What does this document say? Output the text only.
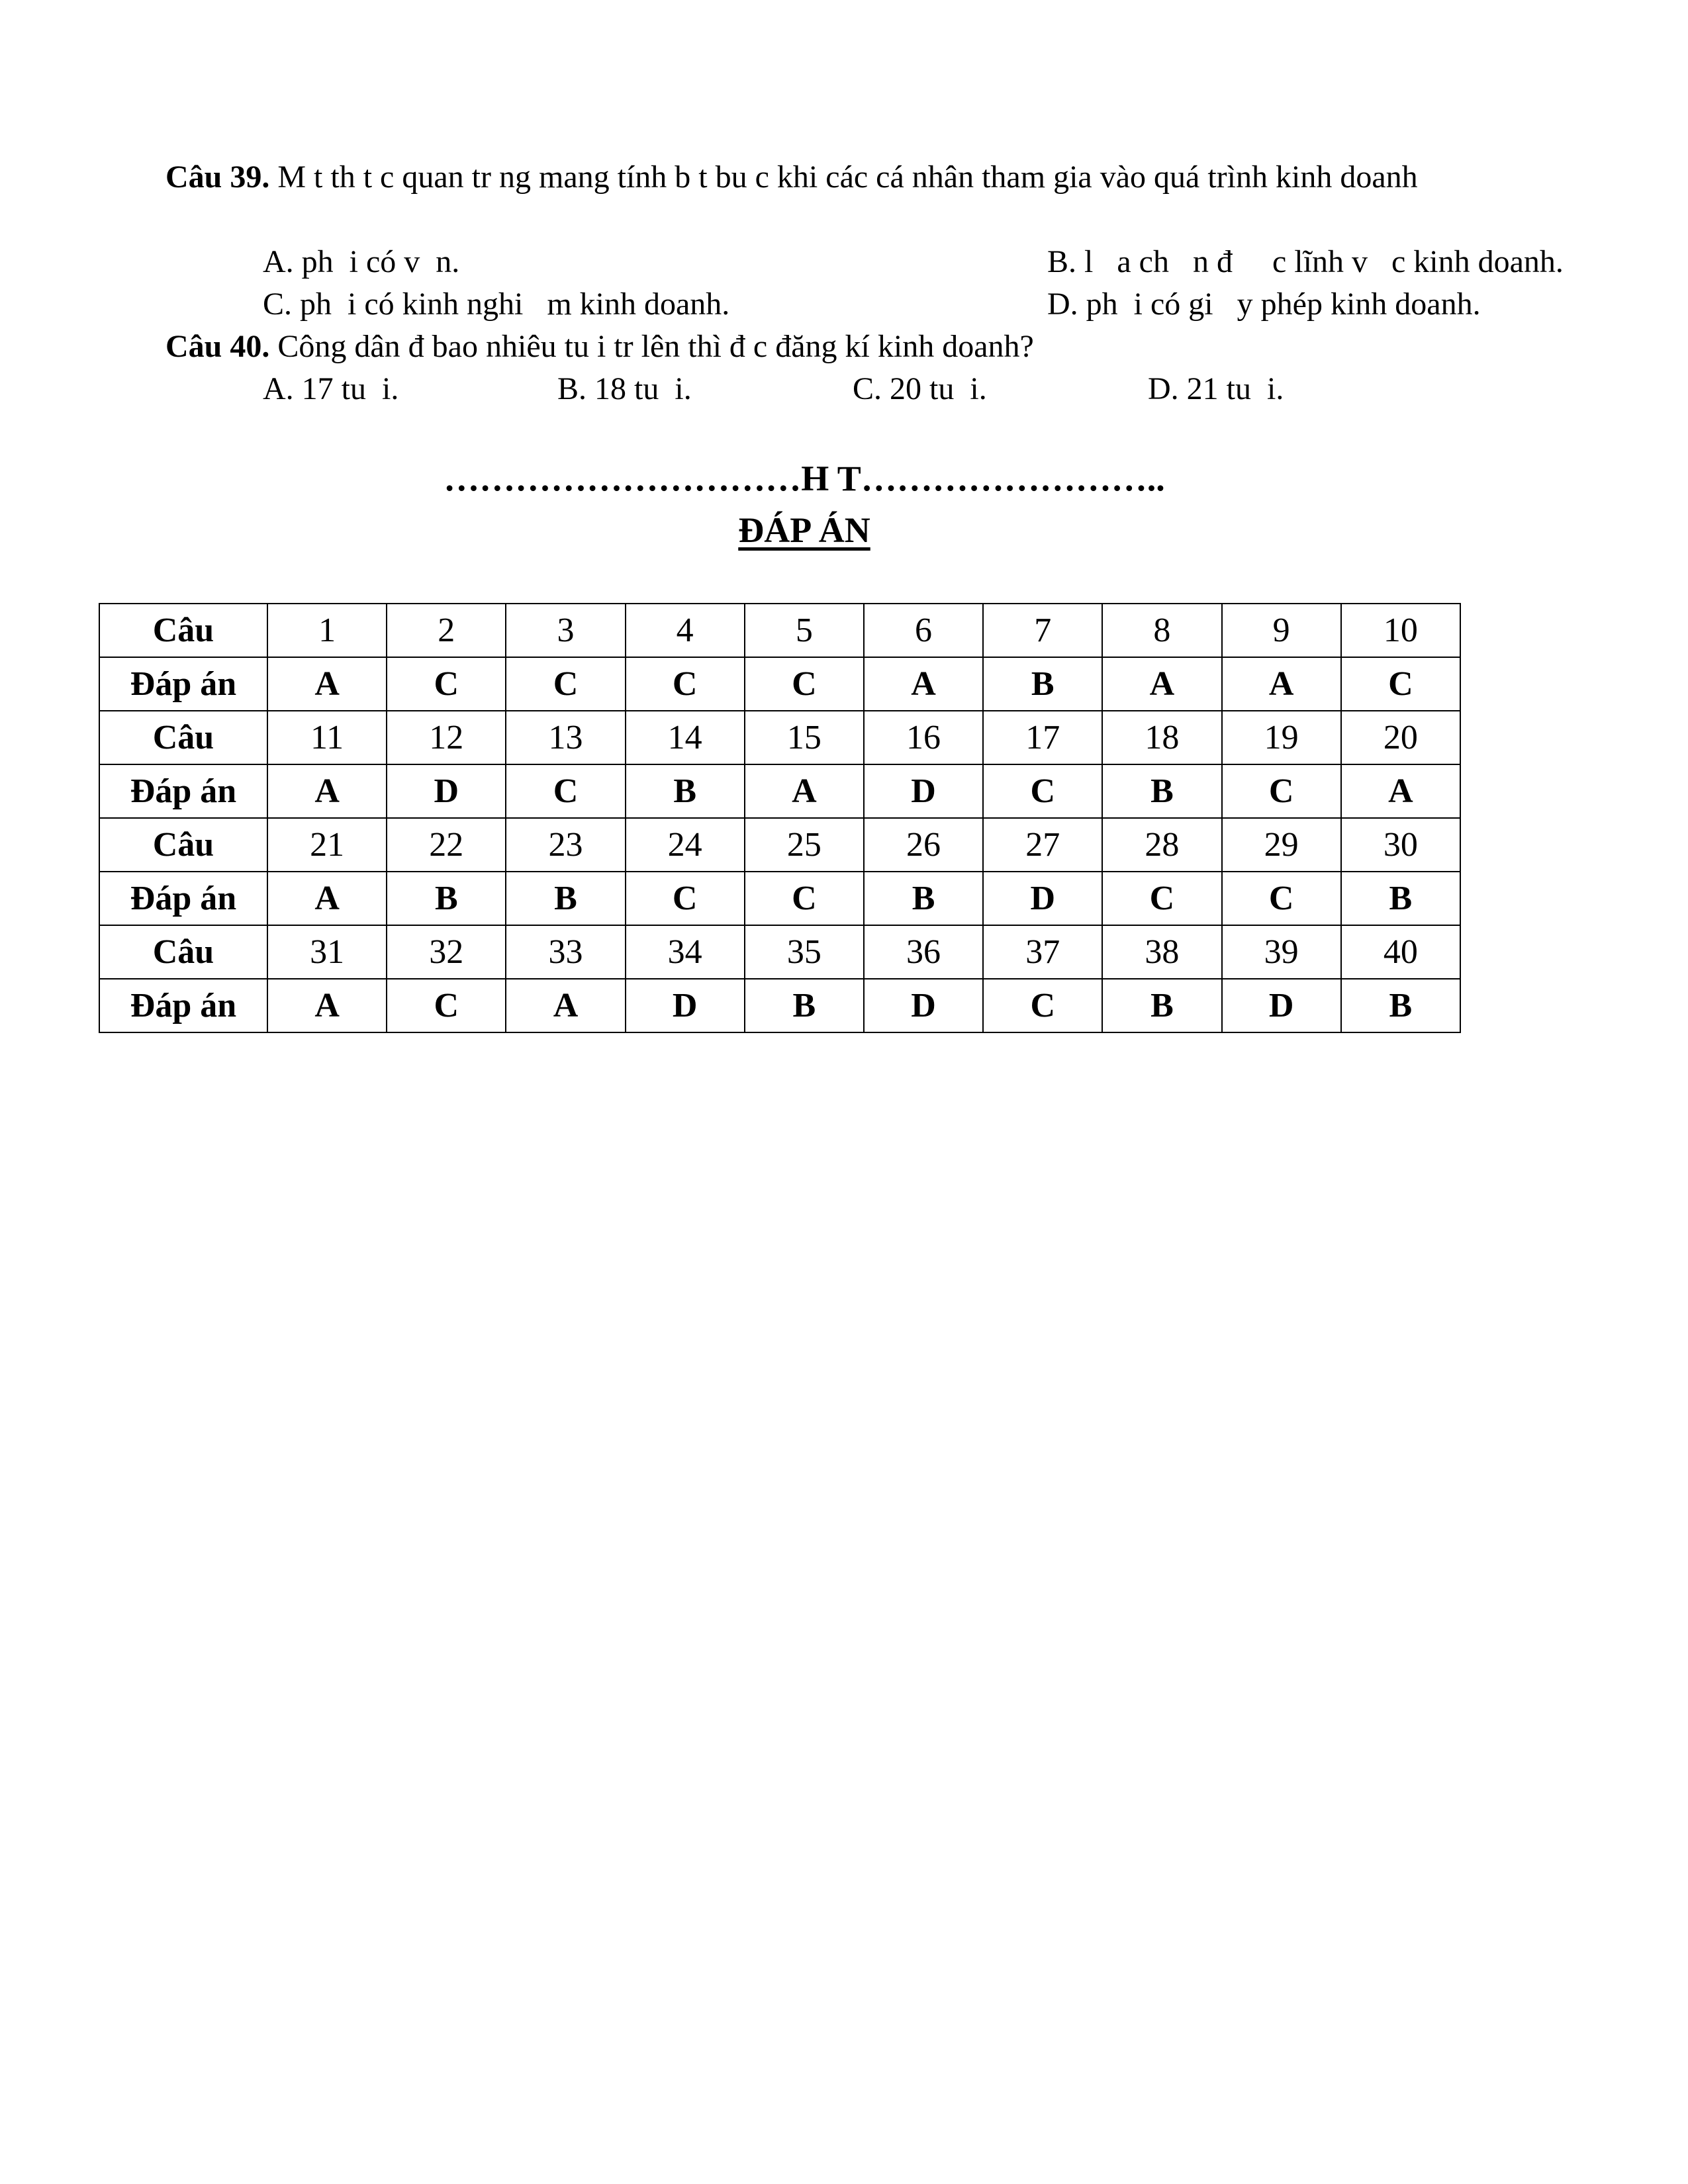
Câu 39. M t th t c quan tr ng mang tính b t bu c khi các cá nhân tham gia vào quá trình kinh doanh
A. ph  i có v  n.	B. l   a ch   n đ     c lĩnh v   c kinh doanh.
C. ph  i có kinh nghi   m kinh doanh.	D. ph  i có gi   y phép kinh doanh.
Câu 40. Công dân đ bao nhiêu tu i tr lên thì đ c đăng kí kinh doanh?
A. 17 tu  i.	B. 18 tu  i.	C. 20 tu  i.	D. 21 tu  i.
…………………………H T……………………..
ĐÁP ÁN
Câu	1	2	3	4	5	6	7	8	9	10
Đáp án	A	C	C	C	C	A	B	A	A	C
Câu	11	12	13	14	15	16	17	18	19	20
Đáp án	A	D	C	B	A	D	C	B	C	A
Câu	21	22	23	24	25	26	27	28	29	30
Đáp án	A	B	B	C	C	B	D	C	C	B
Câu	31	32	33	34	35	36	37	38	39	40
Đáp án	A	C	A	D	B	D	C	B	D	B
